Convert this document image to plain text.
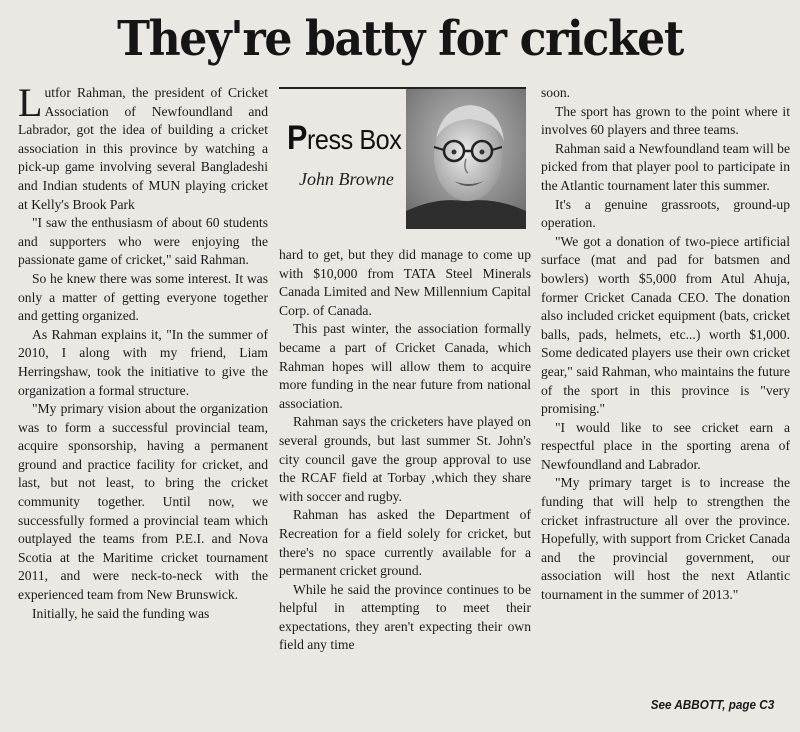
They're batty for cricket

Lutfor Rahman, the president of Cricket Association of Newfoundland and Labrador, got the idea of building a cricket association in this province by watching a pick-up game involving several Bangladeshi and Indian students of MUN playing cricket at Kelly's Brook Park

"I saw the enthusiasm of about 60 students and supporters who were enjoying the passionate game of cricket," said Rahman.

So he knew there was some interest. It was only a matter of getting everyone together and getting organized.

As Rahman explains it, "In the summer of 2010, I along with my friend, Liam Herringshaw, took the initiative to give the organization a formal structure.

"My primary vision about the organization was to form a successful provincial team, acquire sponsorship, having a permanent ground and practice facility for cricket, and last, but not least, to bring the cricket community together. Until now, we successfully formed a provincial team which outplayed the teams from P.E.I. and Nova Scotia at the Maritime cricket tournament 2011, and were neck-to-neck with the experienced team from New Brunswick.

Initially, he said the funding was

Press Box
John Browne

hard to get, but they did manage to come up with $10,000 from TATA Steel Minerals Canada Limited and New Millennium Capital Corp. of Canada.

This past winter, the association formally became a part of Cricket Canada, which Rahman hopes will allow them to acquire more funding in the near future from national association.

Rahman says the cricketers have played on several grounds, but last summer St. John's city council gave the group approval to use the RCAF field at Torbay ,which they share with soccer and rugby.

Rahman has asked the Department of Recreation for a field solely for cricket, but there's no space currently available for a permanent cricket ground.

While he said the province continues to be helpful in attempting to meet their expectations, they aren't expecting their own field any time

soon.

The sport has grown to the point where it involves 60 players and three teams.

Rahman said a Newfoundland team will be picked from that player pool to participate in the Atlantic tournament later this summer.

It's a genuine grassroots, ground-up operation.

"We got a donation of two-piece artificial surface (mat and pad for batsmen and bowlers) worth $5,000 from Atul Ahuja, former Cricket Canada CEO. The donation also included cricket equipment (bats, cricket balls, pads, helmets, etc...) worth $1,000. Some dedicated players use their own cricket gear," said Rahman, who maintains the future of the sport in this province is "very promising."

"I would like to see cricket earn a respectful place in the sporting arena of Newfoundland and Labrador.

"My primary target is to increase the funding that will help to strengthen the cricket infrastructure all over the province. Hopefully, with support from Cricket Canada and the provincial government, our association will host the next Atlantic tournament in the summer of 2013."

See ABBOTT, page C3
